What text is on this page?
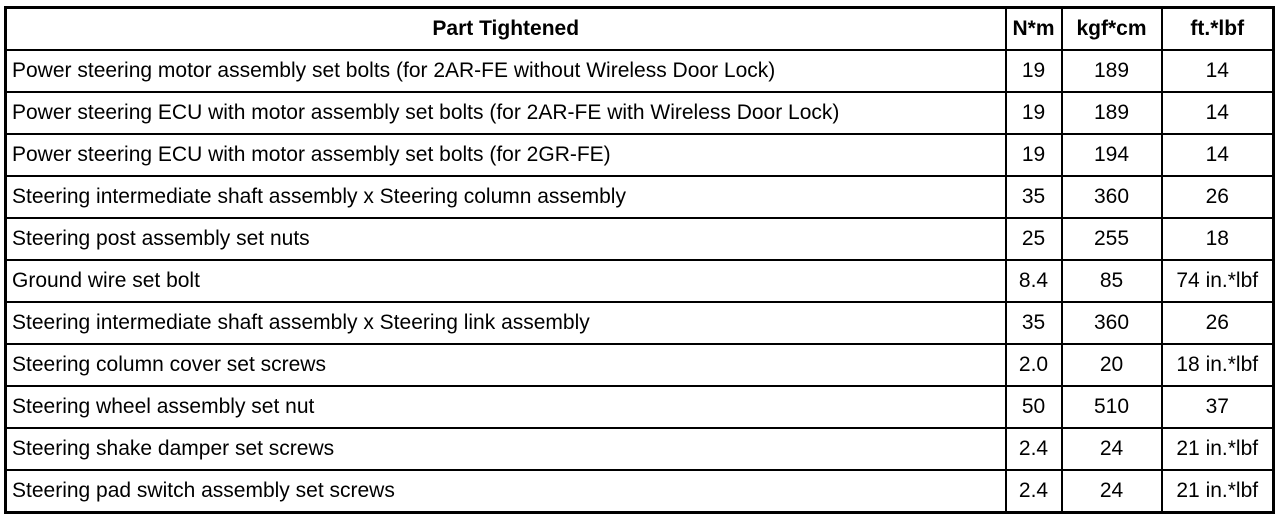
Part Tightened	N*m	kgf*cm	ft.*lbf
Power steering motor assembly set bolts (for 2AR-FE without Wireless Door Lock)	19	189	14
Power steering ECU with motor assembly set bolts (for 2AR-FE with Wireless Door Lock)	19	189	14
Power steering ECU with motor assembly set bolts (for 2GR-FE)	19	194	14
Steering intermediate shaft assembly x Steering column assembly	35	360	26
Steering post assembly set nuts	25	255	18
Ground wire set bolt	8.4	85	74 in.*lbf
Steering intermediate shaft assembly x Steering link assembly	35	360	26
Steering column cover set screws	2.0	20	18 in.*lbf
Steering wheel assembly set nut	50	510	37
Steering shake damper set screws	2.4	24	21 in.*lbf
Steering pad switch assembly set screws	2.4	24	21 in.*lbf
